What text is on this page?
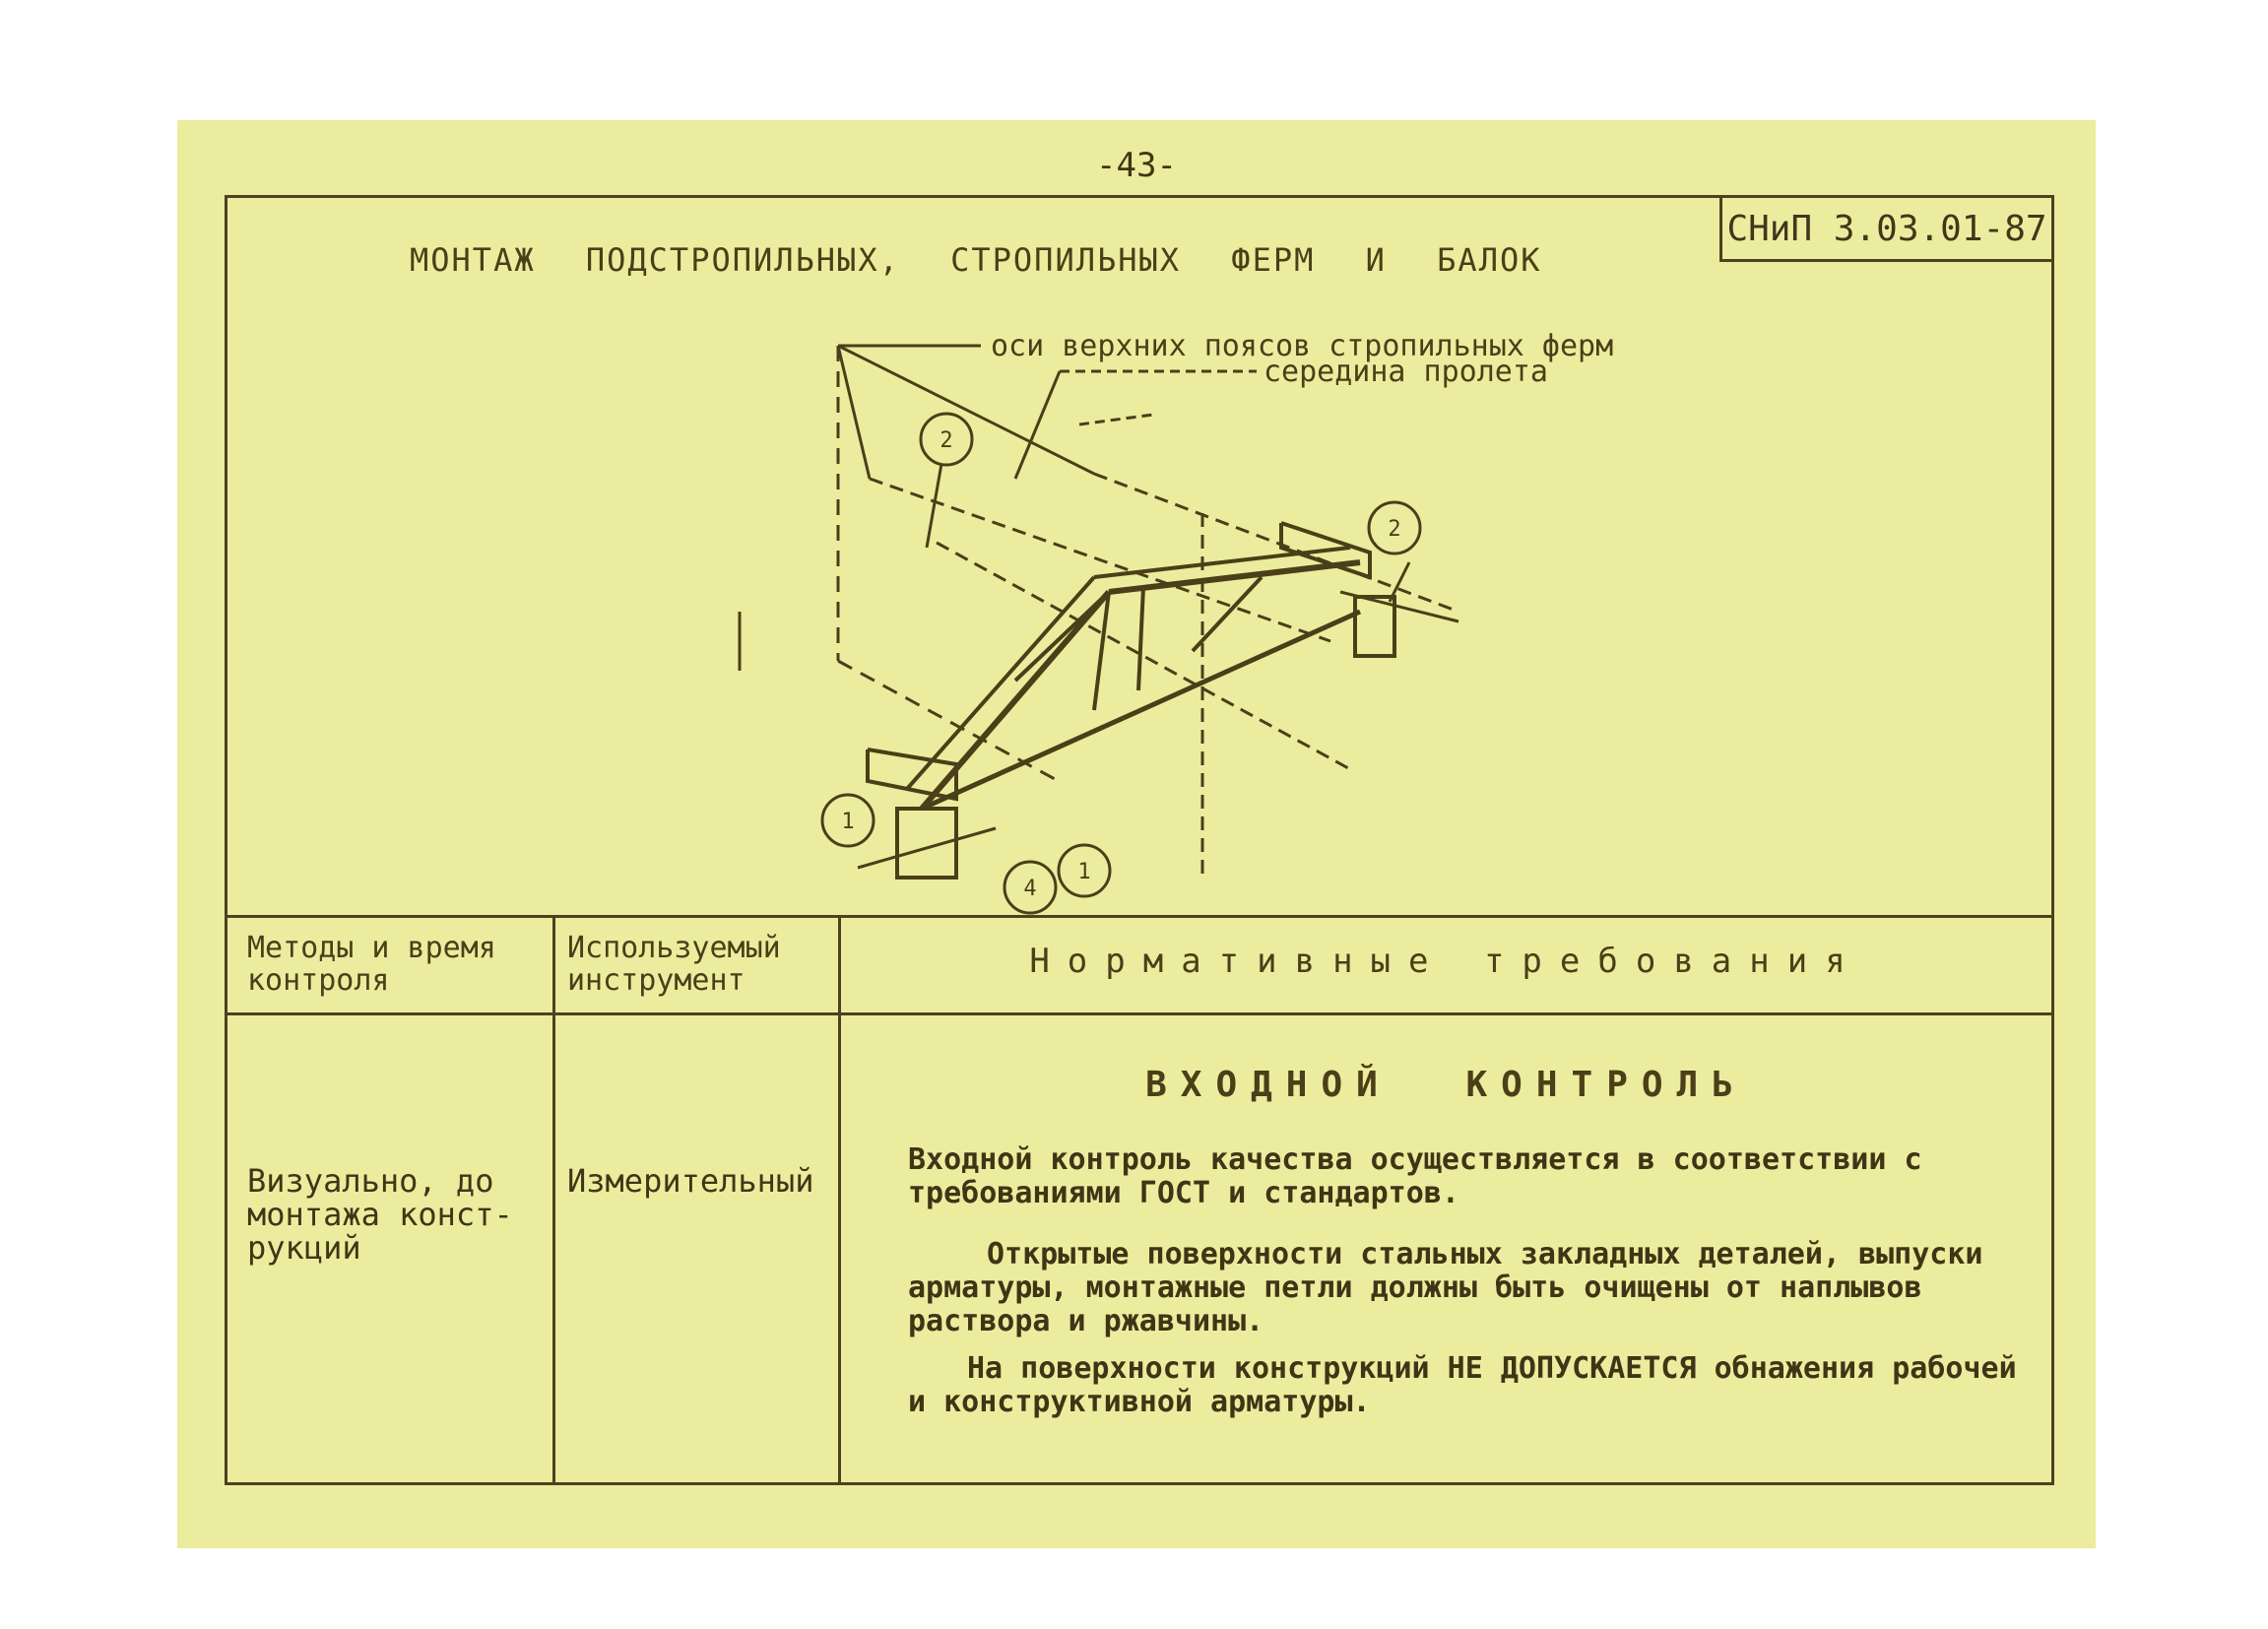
-43-
СНиП 3.03.01-87
МОНТАЖ ПОДСТРОПИЛЬНЫХ, СТРОПИЛЬНЫХ ФЕРМ И БАЛОК
2
2
1
1
4
оси верхних поясов стропильных ферм
середина пролета
Методы и время контроля
Используемый инструмент	Нормативные требования
Визуально, до монтажа конст-рукций
Измерительный
ВХОДНОЙ КОНТРОЛЬ
Входной контроль качества осуществляется в соответствии с требованиями ГОСТ и стандартов.
Открытые поверхности стальных закладных деталей, выпуски арматуры, монтажные петли должны быть очищены от наплывов раствора и ржавчины.
На поверхности конструкций НЕ ДОПУСКАЕТСЯ обнажения рабочей и конструктивной арматуры.
